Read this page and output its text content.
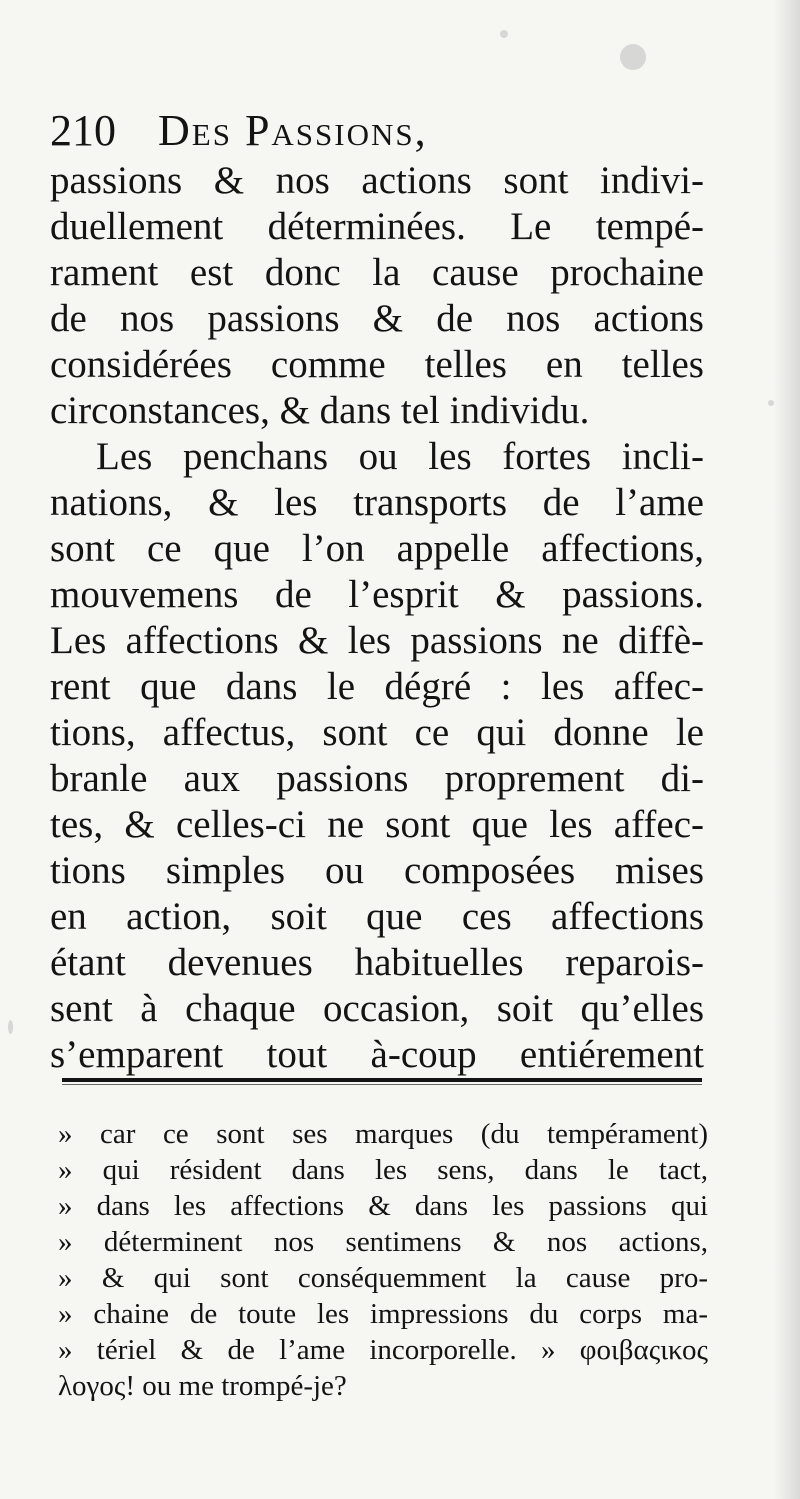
210 Des Passions,
passions & nos actions sont indivi-
duellement déterminées. Le tempé-
rament est donc la cause prochaine
de nos passions & de nos actions
considérées comme telles en telles
circonstances, & dans tel individu.
Les penchans ou les fortes incli-
nations, & les transports de l’ame
sont ce que l’on appelle affections,
mouvemens de l’esprit & passions.
Les affections & les passions ne diffè-
rent que dans le dégré : les affec-
tions, affectus, sont ce qui donne le
branle aux passions proprement di-
tes, & celles-ci ne sont que les affec-
tions simples ou composées mises
en action, soit que ces affections
étant devenues habituelles reparois-
sent à chaque occasion, soit qu’elles
s’emparent tout à-coup entiérement
» car ce sont ses marques (du tempérament)
» qui résident dans les sens, dans le tact,
» dans les affections & dans les passions qui
» déterminent nos sentimens & nos actions,
» & qui sont conséquemment la cause pro-
» chaine de toute les impressions du corps ma-
» tériel & de l’ame incorporelle. » φοιβαςικος
λογος! ou me trompé-je?
